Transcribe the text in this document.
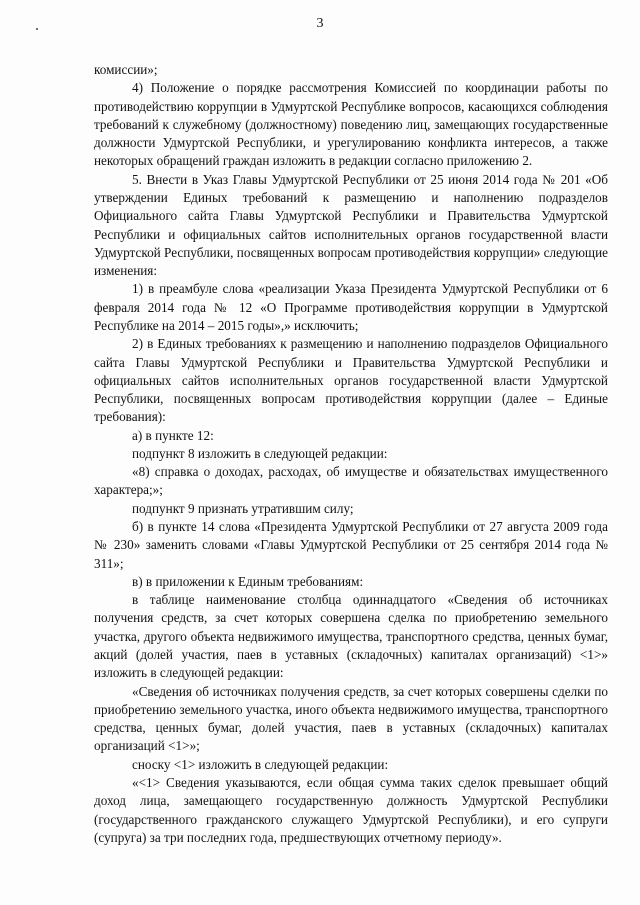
3

комиссии»;

4) Положение о порядке рассмотрения Комиссией по координации работы по противодействию коррупции в Удмуртской Республике вопросов, касающихся соблюдения требований к служебному (должностному) поведению лиц, замещающих государственные должности Удмуртской Республики, и урегулированию конфликта интересов, а также некоторых обращений граждан изложить в редакции согласно приложению 2.

5. Внести в Указ Главы Удмуртской Республики от 25 июня 2014 года № 201 «Об утверждении Единых требований к размещению и наполнению подразделов Официального сайта Главы Удмуртской Республики и Правительства Удмуртской Республики и официальных сайтов исполнительных органов государственной власти Удмуртской Республики, посвященных вопросам противодействия коррупции» следующие изменения:

1) в преамбуле слова «реализации Указа Президента Удмуртской Республики от 6 февраля 2014 года № 12 «О Программе противодействия коррупции в Удмуртской Республике на 2014 – 2015 годы»,» исключить;

2) в Единых требованиях к размещению и наполнению подразделов Официального сайта Главы Удмуртской Республики и Правительства Удмуртской Республики и официальных сайтов исполнительных органов государственной власти Удмуртской Республики, посвященных вопросам противодействия коррупции (далее – Единые требования):

а) в пункте 12:

подпункт 8 изложить в следующей редакции:

«8) справка о доходах, расходах, об имуществе и обязательствах имущественного характера;»;

подпункт 9 признать утратившим силу;

б) в пункте 14 слова «Президента Удмуртской Республики от 27 августа 2009 года № 230» заменить словами «Главы Удмуртской Республики от 25 сентября 2014 года № 311»;

в) в приложении к Единым требованиям:

в таблице наименование столбца одиннадцатого «Сведения об источниках получения средств, за счет которых совершена сделка по приобретению земельного участка, другого объекта недвижимого имущества, транспортного средства, ценных бумаг, акций (долей участия, паев в уставных (складочных) капиталах организаций) <1>» изложить в следующей редакции:

«Сведения об источниках получения средств, за счет которых совершены сделки по приобретению земельного участка, иного объекта недвижимого имущества, транспортного средства, ценных бумаг, долей участия, паев в уставных (складочных) капиталах организаций <1>»;

сноску <1> изложить в следующей редакции:

«<1> Сведения указываются, если общая сумма таких сделок превышает общий доход лица, замещающего государственную должность Удмуртской Республики (государственного гражданского служащего Удмуртской Республики), и его супруги (супруга) за три последних года, предшествующих отчетному периоду».
